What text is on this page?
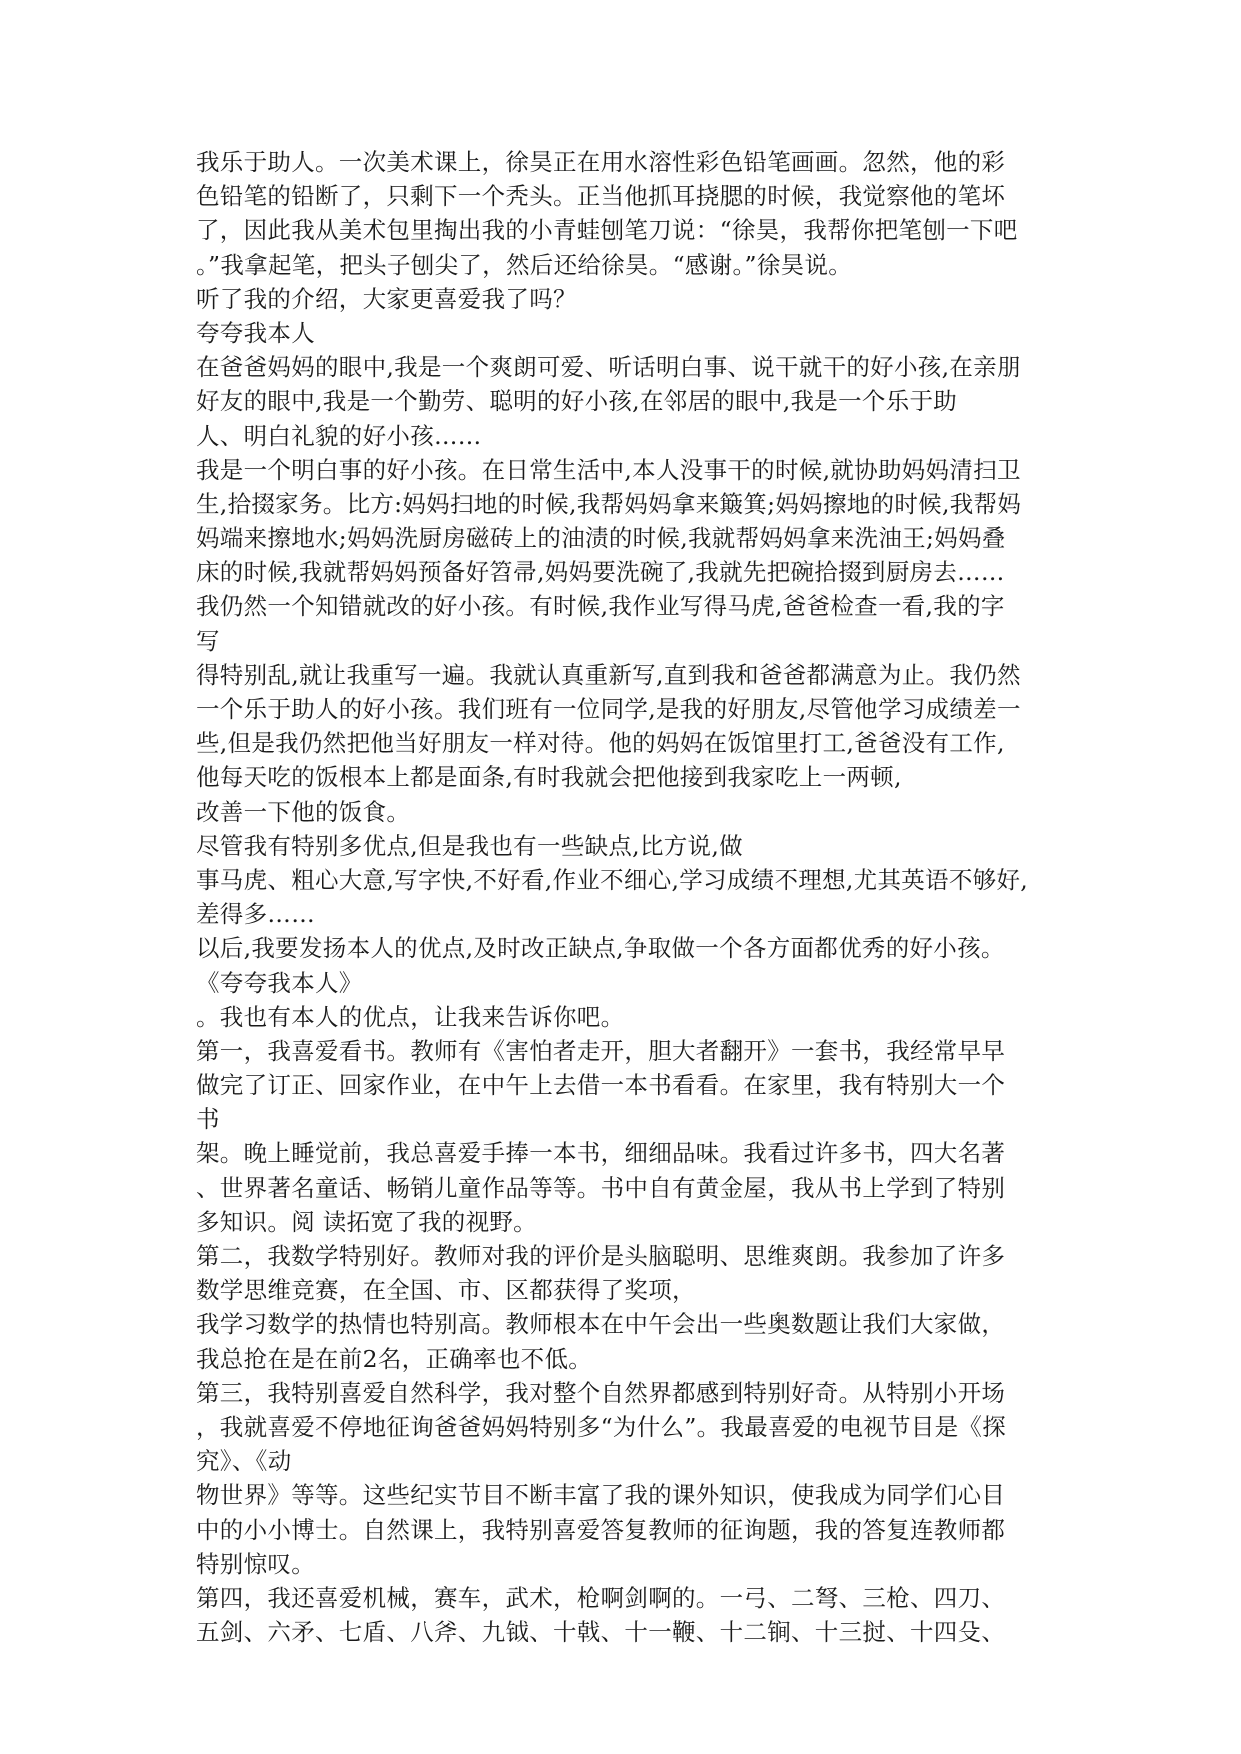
我乐于助人。一次美术课上，徐昊正在用水溶性彩色铅笔画画。忽然，他的彩
色铅笔的铅断了，只剩下一个秃头。正当他抓耳挠腮的时候，我觉察他的笔坏
了，因此我从美术包里掏出我的小青蛙刨笔刀说：“徐昊，我帮你把笔刨一下吧
。”我拿起笔，把头子刨尖了，然后还给徐昊。“感谢。”徐昊说。
听了我的介绍，大家更喜爱我了吗？
夸夸我本人
在爸爸妈妈的眼中,我是一个爽朗可爱、听话明白事、说干就干的好小孩,在亲朋
好友的眼中,我是一个勤劳、聪明的好小孩,在邻居的眼中,我是一个乐于助
人、明白礼貌的好小孩……
我是一个明白事的好小孩。在日常生活中,本人没事干的时候,就协助妈妈清扫卫
生,拾掇家务。比方:妈妈扫地的时候,我帮妈妈拿来簸箕;妈妈擦地的时候,我帮妈
妈端来擦地水;妈妈洗厨房磁砖上的油渍的时候,我就帮妈妈拿来洗油王;妈妈叠
床的时候,我就帮妈妈预备好笤帚,妈妈要洗碗了,我就先把碗拾掇到厨房去……
我仍然一个知错就改的好小孩。有时候,我作业写得马虎,爸爸检查一看,我的字
写
得特别乱,就让我重写一遍。我就认真重新写,直到我和爸爸都满意为止。我仍然
一个乐于助人的好小孩。我们班有一位同学,是我的好朋友,尽管他学习成绩差一
些,但是我仍然把他当好朋友一样对待。他的妈妈在饭馆里打工,爸爸没有工作,
他每天吃的饭根本上都是面条,有时我就会把他接到我家吃上一两顿,
改善一下他的饭食。
尽管我有特别多优点,但是我也有一些缺点,比方说,做
事马虎、粗心大意,写字快,不好看,作业不细心,学习成绩不理想,尤其英语不够好,
差得多……
以后,我要发扬本人的优点,及时改正缺点,争取做一个各方面都优秀的好小孩。
《夸夸我本人》
。我也有本人的优点，让我来告诉你吧。
第一，我喜爱看书。教师有《害怕者走开，胆大者翻开》一套书，我经常早早
做完了订正、回家作业，在中午上去借一本书看看。在家里，我有特别大一个
书
架。晚上睡觉前，我总喜爱手捧一本书，细细品味。我看过许多书，四大名著
、世界著名童话、畅销儿童作品等等。书中自有黄金屋，我从书上学到了特别
多知识。阅 读拓宽了我的视野。
第二，我数学特别好。教师对我的评价是头脑聪明、思维爽朗。我参加了许多
数学思维竞赛，在全国、市、区都获得了奖项，
我学习数学的热情也特别高。教师根本在中午会出一些奥数题让我们大家做，
我总抢在是在前2名，正确率也不低。
第三，我特别喜爱自然科学，我对整个自然界都感到特别好奇。从特别小开场
，我就喜爱不停地征询爸爸妈妈特别多“为什么”。我最喜爱的电视节目是《探
究》、《动
物世界》等等。这些纪实节目不断丰富了我的课外知识，使我成为同学们心目
中的小小博士。自然课上，我特别喜爱答复教师的征询题，我的答复连教师都
特别惊叹。
第四，我还喜爱机械，赛车，武术，枪啊剑啊的。一弓、二弩、三枪、四刀、
五剑、六矛、七盾、八斧、九钺、十戟、十一鞭、十二锏、十三挝、十四殳、
